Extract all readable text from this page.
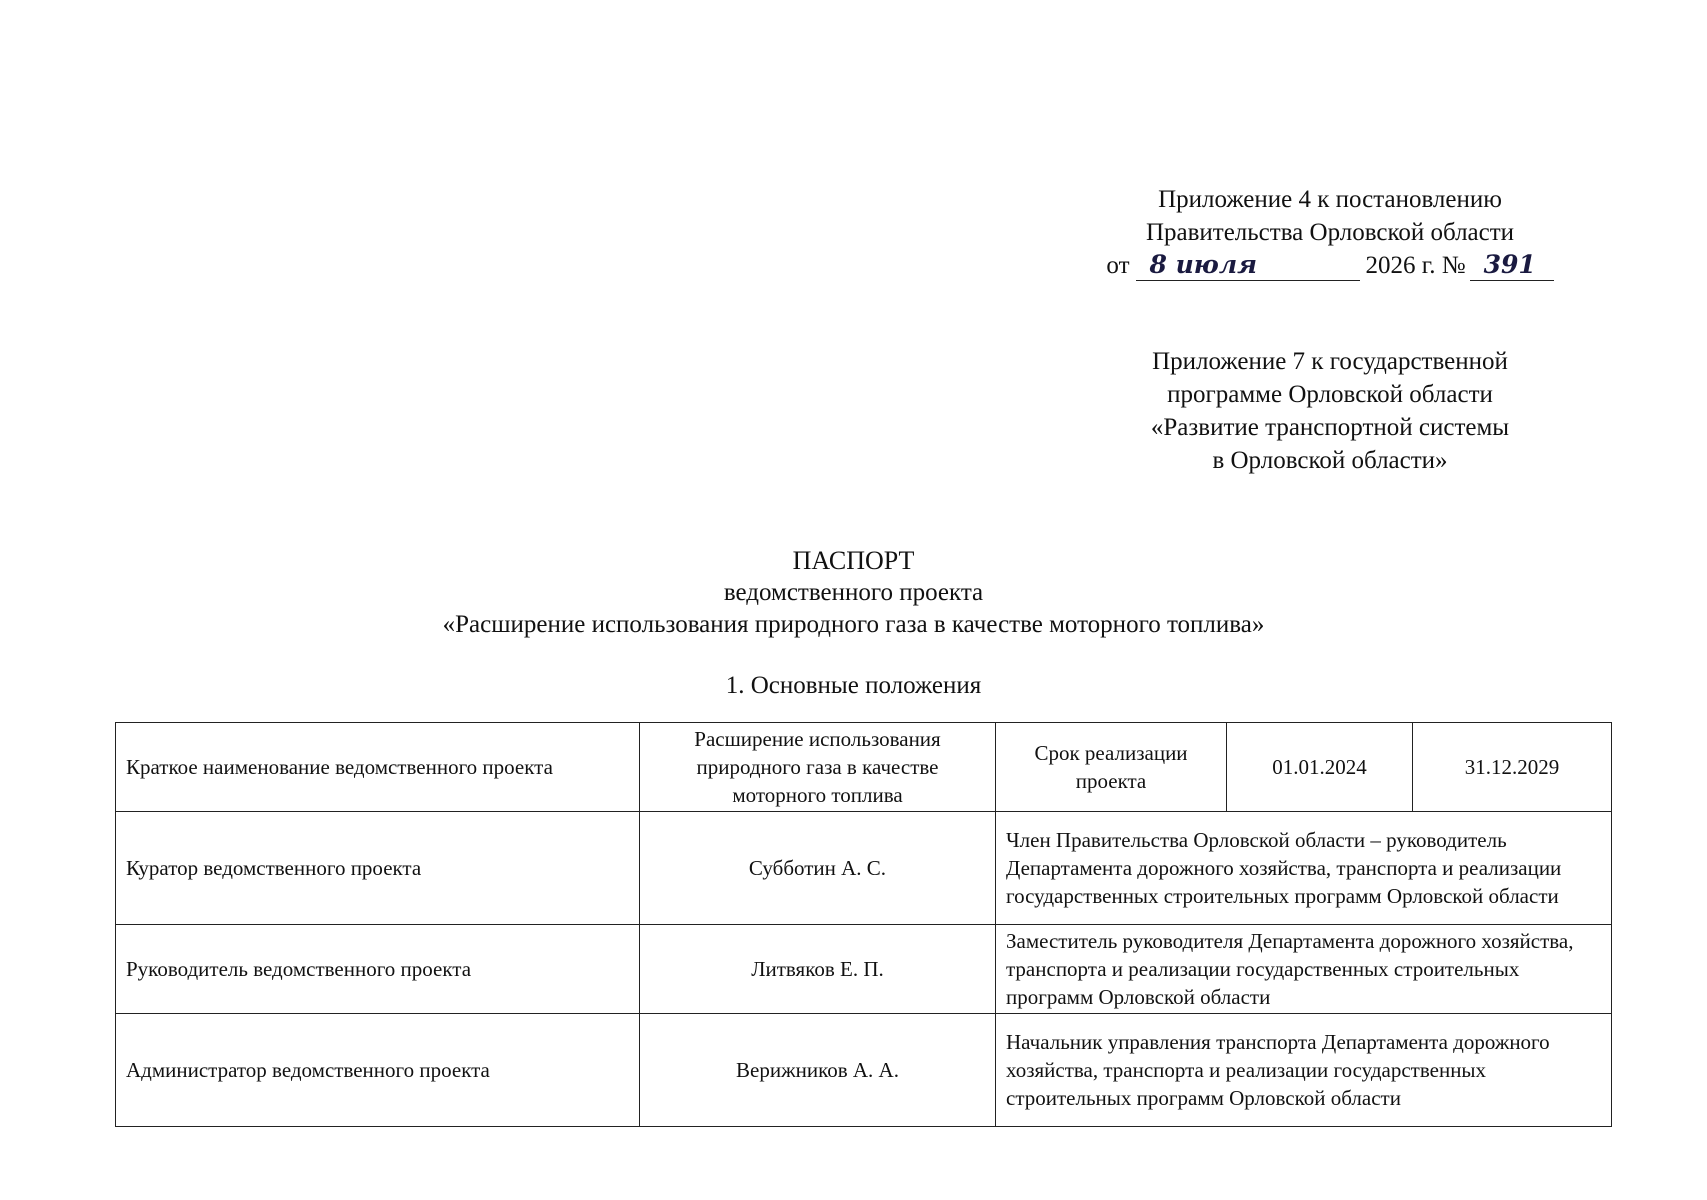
Приложение 4 к постановлению
Правительства Орловской области
от 8 июля	2026 г. № 391
Приложение 7 к государственной
программе Орловской области
«Развитие транспортной системы
в Орловской области»
ПАСПОРТ
ведомственного проекта
«Расширение использования природного газа в качестве моторного топлива»
1. Основные положения
Краткое наименование ведомственного проекта	Расширение использования природного газа в качестве моторного топлива	Срок реализации проекта	01.01.2024	31.12.2029
Куратор ведомственного проекта	Субботин А. С.	Член Правительства Орловской области – руководитель Департамента дорожного хозяйства, транспорта и реализации государственных строительных программ Орловской области		
Руководитель ведомственного проекта	Литвяков Е. П.	Заместитель руководителя Департамента дорожного хозяйства, транспорта и реализации государственных строительных программ Орловской области		
Администратор ведомственного проекта	Верижников А. А.	Начальник управления транспорта Департамента дорожного хозяйства, транспорта и реализации государственных строительных программ Орловской области		
